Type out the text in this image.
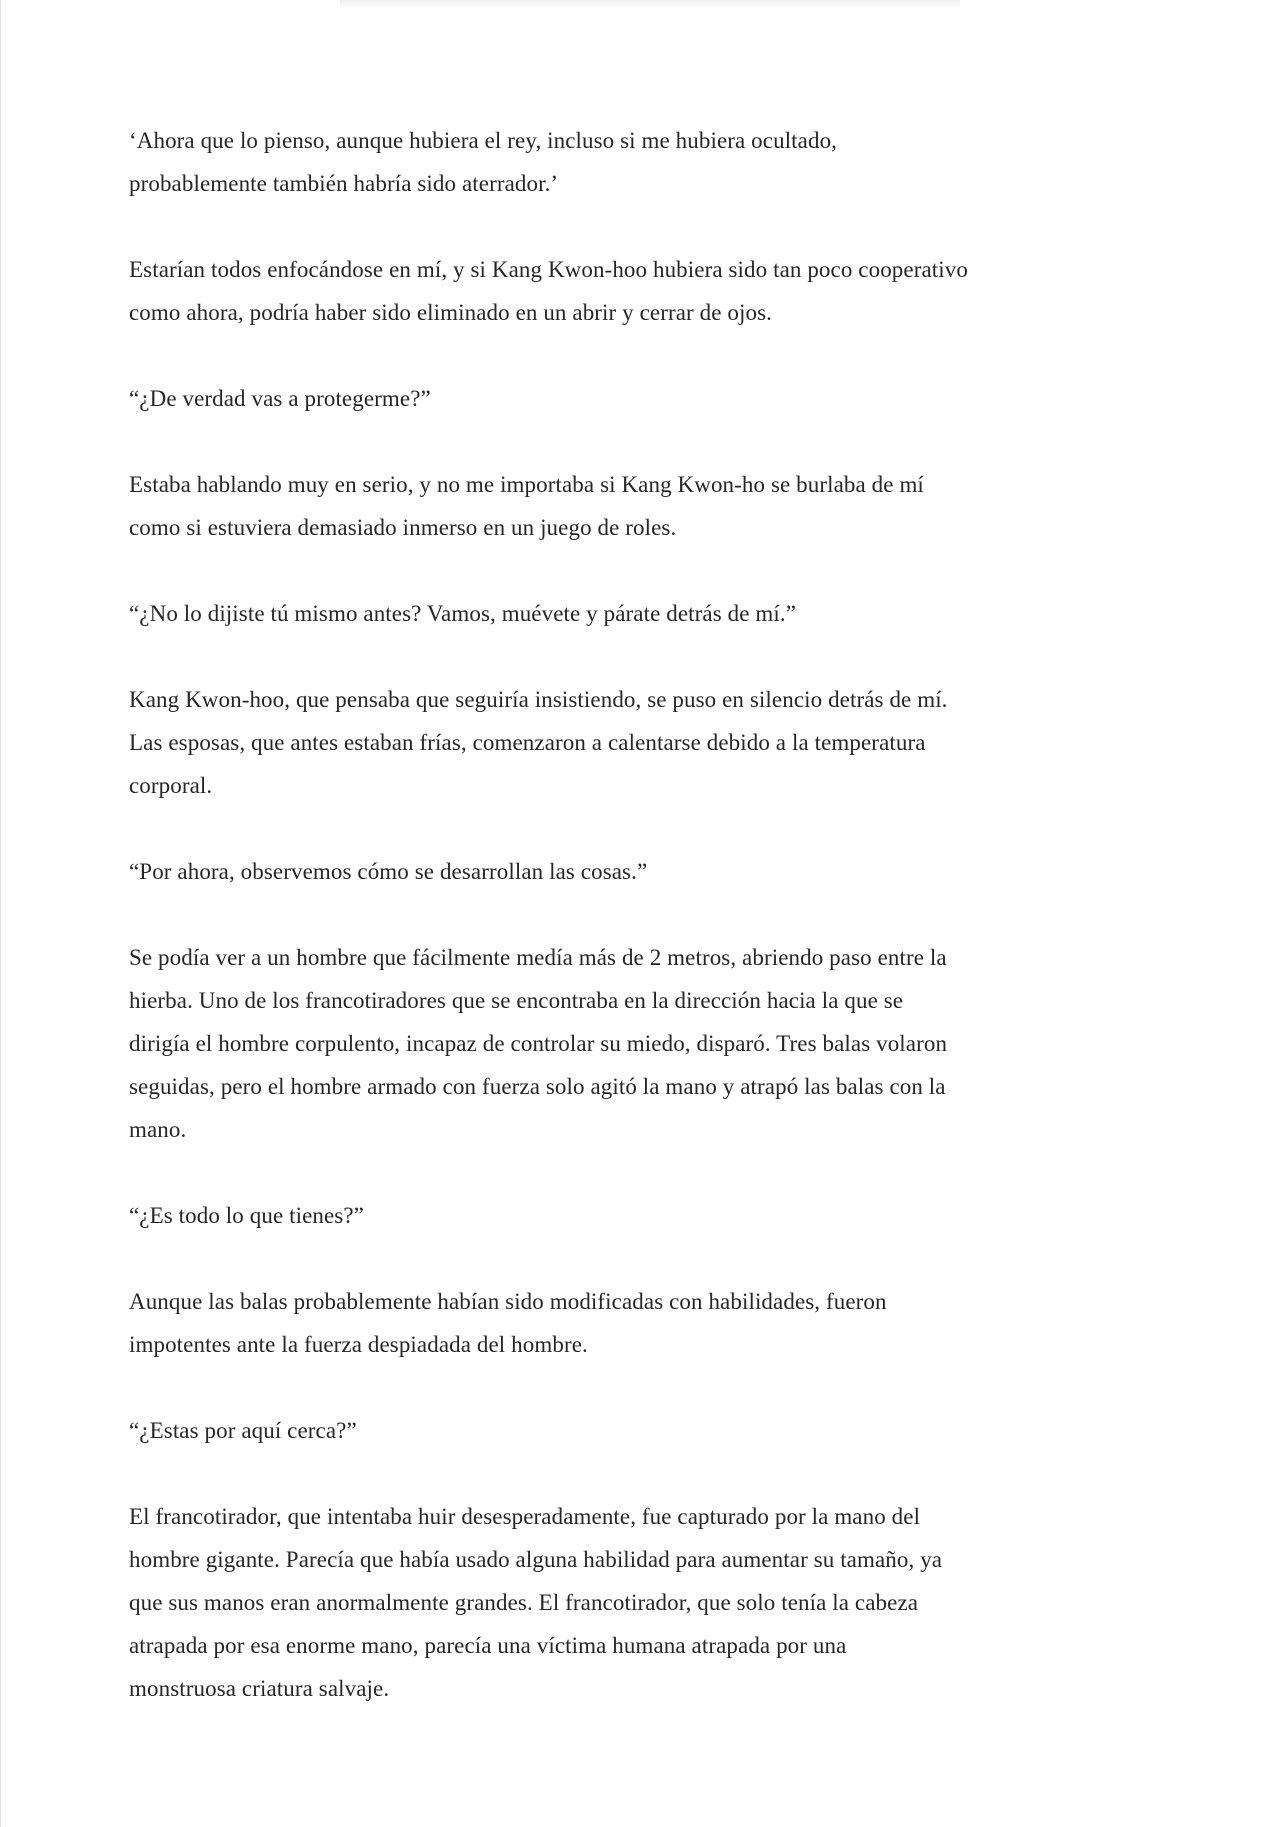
‘Ahora que lo pienso, aunque hubiera el rey, incluso si me hubiera ocultado,
probablemente también habría sido aterrador.’

Estarían todos enfocándose en mí, y si Kang Kwon-hoo hubiera sido tan poco cooperativo
como ahora, podría haber sido eliminado en un abrir y cerrar de ojos.

“¿De verdad vas a protegerme?”

Estaba hablando muy en serio, y no me importaba si Kang Kwon-ho se burlaba de mí
como si estuviera demasiado inmerso en un juego de roles.

“¿No lo dijiste tú mismo antes? Vamos, muévete y párate detrás de mí.”

Kang Kwon-hoo, que pensaba que seguiría insistiendo, se puso en silencio detrás de mí.
Las esposas, que antes estaban frías, comenzaron a calentarse debido a la temperatura
corporal.

“Por ahora, observemos cómo se desarrollan las cosas.”

Se podía ver a un hombre que fácilmente medía más de 2 metros, abriendo paso entre la
hierba. Uno de los francotiradores que se encontraba en la dirección hacia la que se
dirigía el hombre corpulento, incapaz de controlar su miedo, disparó. Tres balas volaron
seguidas, pero el hombre armado con fuerza solo agitó la mano y atrapó las balas con la
mano.

“¿Es todo lo que tienes?”

Aunque las balas probablemente habían sido modificadas con habilidades, fueron
impotentes ante la fuerza despiadada del hombre.

“¿Estas por aquí cerca?”

El francotirador, que intentaba huir desesperadamente, fue capturado por la mano del
hombre gigante. Parecía que había usado alguna habilidad para aumentar su tamaño, ya
que sus manos eran anormalmente grandes. El francotirador, que solo tenía la cabeza
atrapada por esa enorme mano, parecía una víctima humana atrapada por una
monstruosa criatura salvaje.
